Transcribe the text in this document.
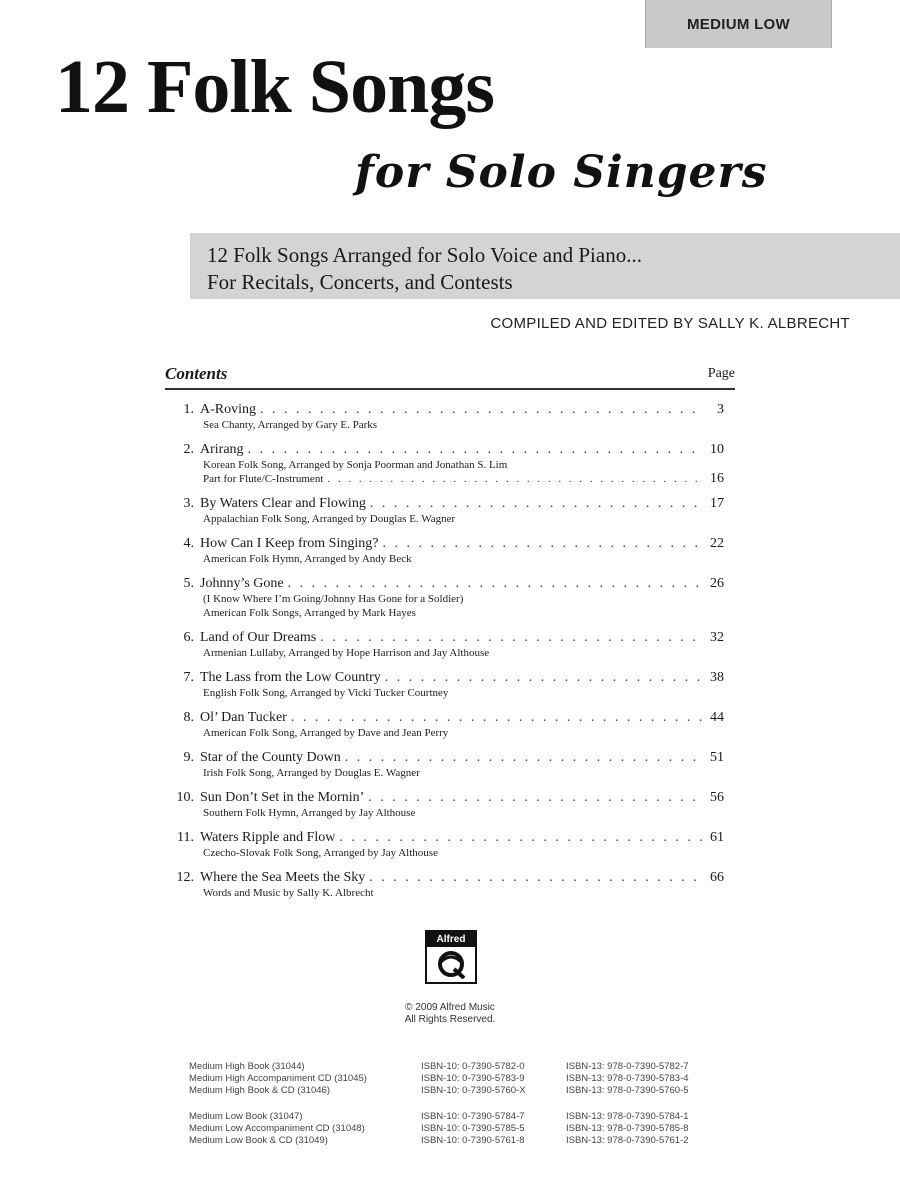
MEDIUM LOW
12 Folk Songs
for Solo Singers
12 Folk Songs Arranged for Solo Voice and Piano...
For Recitals, Concerts, and Contests
COMPILED AND EDITED BY SALLY K. ALBRECHT
Contents	Page
1. A-Roving . . .	3
Sea Chanty, Arranged by Gary E. Parks
2. Arirang . . .	10
Korean Folk Song, Arranged by Sonja Poorman and Jonathan S. Lim
Part for Flute/C-Instrument . . .	16
3. By Waters Clear and Flowing . . .	17
Appalachian Folk Song, Arranged by Douglas E. Wagner
4. How Can I Keep from Singing? . . .	22
American Folk Hymn, Arranged by Andy Beck
5. Johnny’s Gone . . .	26
(I Know Where I’m Going/Johnny Has Gone for a Soldier)
American Folk Songs, Arranged by Mark Hayes
6. Land of Our Dreams . . .	32
Armenian Lullaby, Arranged by Hope Harrison and Jay Althouse
7. The Lass from the Low Country . . .	38
English Folk Song, Arranged by Vicki Tucker Courtney
8. Ol’ Dan Tucker . . .	44
American Folk Song, Arranged by Dave and Jean Perry
9. Star of the County Down . . .	51
Irish Folk Song, Arranged by Douglas E. Wagner
10. Sun Don’t Set in the Mornin’ . . .	56
Southern Folk Hymn, Arranged by Jay Althouse
11. Waters Ripple and Flow . . .	61
Czecho-Slovak Folk Song, Arranged by Jay Althouse
12. Where the Sea Meets the Sky . . .	66
Words and Music by Sally K. Albrecht
Alfred
© 2009 Alfred Music
All Rights Reserved.
Medium High Book (31044)	ISBN-10: 0-7390-5782-0	ISBN-13: 978-0-7390-5782-7
Medium High Accompaniment CD (31045)	ISBN-10: 0-7390-5783-9	ISBN-13: 978-0-7390-5783-4
Medium High Book & CD (31046)	ISBN-10: 0-7390-5760-X	ISBN-13: 978-0-7390-5760-5
Medium Low Book (31047)	ISBN-10: 0-7390-5784-7	ISBN-13: 978-0-7390-5784-1
Medium Low Accompaniment CD (31048)	ISBN-10: 0-7390-5785-5	ISBN-13: 978-0-7390-5785-8
Medium Low Book & CD (31049)	ISBN-10: 0-7390-5761-8	ISBN-13: 978-0-7390-5761-2
